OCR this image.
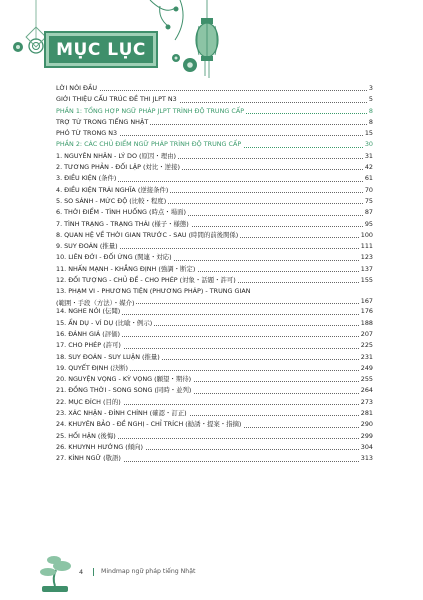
MỤC LỤC
LỜI NÓI ĐẦU	3
GIỚI THIỆU CẤU TRÚC ĐỀ THI JLPT N3	5
PHẦN 1: TỔNG HỢP NGỮ PHÁP JLPT TRÌNH ĐỘ TRUNG CẤP	8
TRỢ TỪ TRONG TIẾNG NHẬT	8
PHÓ TỪ TRONG N3	15
PHẦN 2: CÁC CHỦ ĐIỂM NGỮ PHÁP TRÌNH ĐỘ TRUNG CẤP	30
1. NGUYÊN NHÂN - LÝ DO (原因・理由)	31
2. TƯƠNG PHẢN - ĐỐI LẬP (対比・逆接)	42
3. ĐIỀU KIỆN (条件)	61
4. ĐIỀU KIỆN TRÁI NGHĨA (逆接条件)	70
5. SO SÁNH - MỨC ĐỘ (比較・程度)	75
6. THỜI ĐIỂM - TÌNH HUỐNG (時点・場面)	87
7. TÌNH TRẠNG - TRẠNG THÁI (様子・様態)	95
8. QUAN HỆ VỀ THỜI GIAN TRƯỚC - SAU (時間的前後関係)	100
9. SUY ĐOÁN (推量)	111
10. LIÊN ĐỚI - ĐỐI ỨNG (関連・対応)	123
11. NHẤN MẠNH - KHẲNG ĐỊNH (強調・断定)	137
12. ĐỐI TƯỢNG - CHỦ ĐỀ - CHO PHÉP (対象・話題・許可)	155
13. PHẠM VI - PHƯƠNG TIỆN (PHƯƠNG PHÁP) - TRUNG GIAN
(範囲・手段（方法）・媒介)	167
14. NGHE NÓI (伝聞)	176
15. ẨN DỤ - VÍ DỤ (比喩・例示)	188
16. ĐÁNH GIÁ (評価)	207
17. CHO PHÉP (許可)	225
18. SUY ĐOÁN - SUY LUẬN (推量)	231
19. QUYẾT ĐỊNH (決断)	249
20. NGUYỆN VỌNG - KỲ VỌNG (願望・期待)	255
21. ĐỒNG THỜI - SONG SONG (同時・並列)	264
22. MỤC ĐÍCH (目的)	273
23. XÁC NHẬN - ĐÍNH CHÍNH (確認・訂正)	281
24. KHUYÊN BẢO - ĐỀ NGHỊ - CHỈ TRÍCH (勧誘・提案・指摘)	290
25. HỐI HẬN (後悔)	299
26. KHUYNH HƯỚNG (傾向)	304
27. KÍNH NGỮ (敬語)	313
4	Mindmap ngữ pháp tiếng Nhật
